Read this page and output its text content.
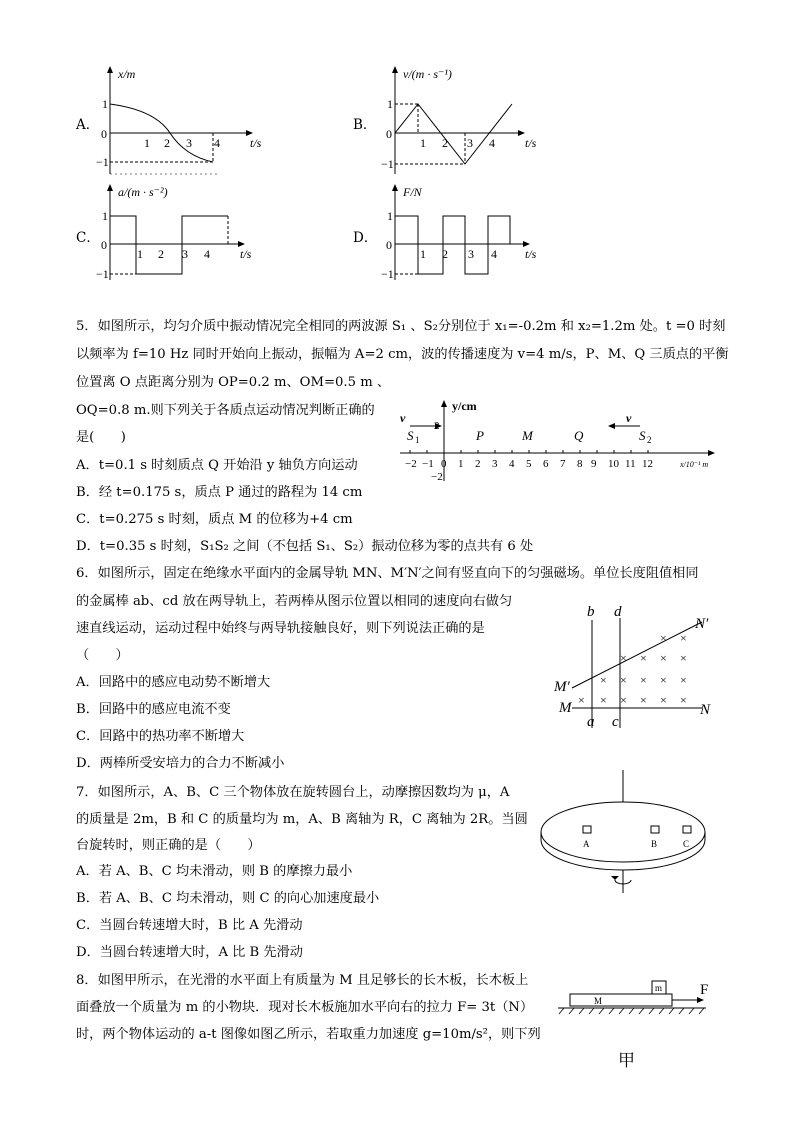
A．	B．
C．	D．
x/m
1
−1
0
1 2 3 4	t/s
v/(m · s⁻¹)
1
−1
0
1 2 3 4	t/s
a/(m · s⁻²)
1
−1
0
1 2 3 4	t/s
F/N
1
−1
0
1 2 3 4 t/s
5．如图所示，均匀介质中振动情况完全相同的两波源 S₁ 、S₂分别位于 x₁=-0.2m 和 x₂=1.2m 处。t =0 时刻
以频率为 f=10 Hz 同时开始向上振动，振幅为 A=2 cm，波的传播速度为 v=4 m/s，P、M、Q 三质点的平衡
位置离 O 点距离分别为 OP=0.2 m、OM=0.5 m 、
OQ=0.8 m.则下列关于各质点运动情况判断正确的
是(　　)
A．t=0.1 s 时刻质点 Q 开始沿 y 轴负方向运动
B．经 t=0.175 s，质点 P 通过的路程为 14 cm
C．t=0.275 s 时刻，质点 M 的位移为+4 cm
D．t=0.35 s 时刻，S₁S₂ 之间（不包括 S₁、S₂）振动位移为零的点共有 6 处
v	v
y/cm
2
−2
S 1	S 2
P	M	Q
0
−2 −1 1 2 3 4 5 6 7 8 9 10 11 12	x/10⁻¹ m
6．如图所示，固定在绝缘水平面内的金属导轨 MN、M′N′之间有竖直向下的匀强磁场。单位长度阻值相同
的金属棒 ab、cd 放在两导轨上，若两棒从图示位置以相同的速度向右做匀
速直线运动，运动过程中始终与两导轨接触良好，则下列说法正确的是
（　　）
A．回路中的感应电动势不断增大
B．回路中的感应电流不变
C．回路中的热功率不断增大
D．两棒所受安培力的合力不断减小
×
×
× × × ×
× × × × ×
× × × × ×
×
b d
a c
M	N
M′
N′
7．如图所示，A、B、C 三个物体放在旋转圆台上，动摩擦因数均为 μ，A
的质量是 2m，B 和 C 的质量均为 m，A、B 离轴为 R，C 离轴为 2R。当圆
台旋转时，则正确的是（　　）
A．若 A、B、C 均未滑动，则 B 的摩擦力最小
B．若 A、B、C 均未滑动，则 C 的向心加速度最小
C．当圆台转速增大时，B 比 A 先滑动
D．当圆台转速增大时，A 比 B 先滑动
A	B	C
8．如图甲所示，在光滑的水平面上有质量为 M 且足够长的长木板，长木板上
面叠放一个质量为 m 的小物块．现对长木板施加水平向右的拉力 F= 3t（N）
时，两个物体运动的 a-t 图像如图乙所示，若取重力加速度 g=10m/s²，则下列
M
m	F
甲
